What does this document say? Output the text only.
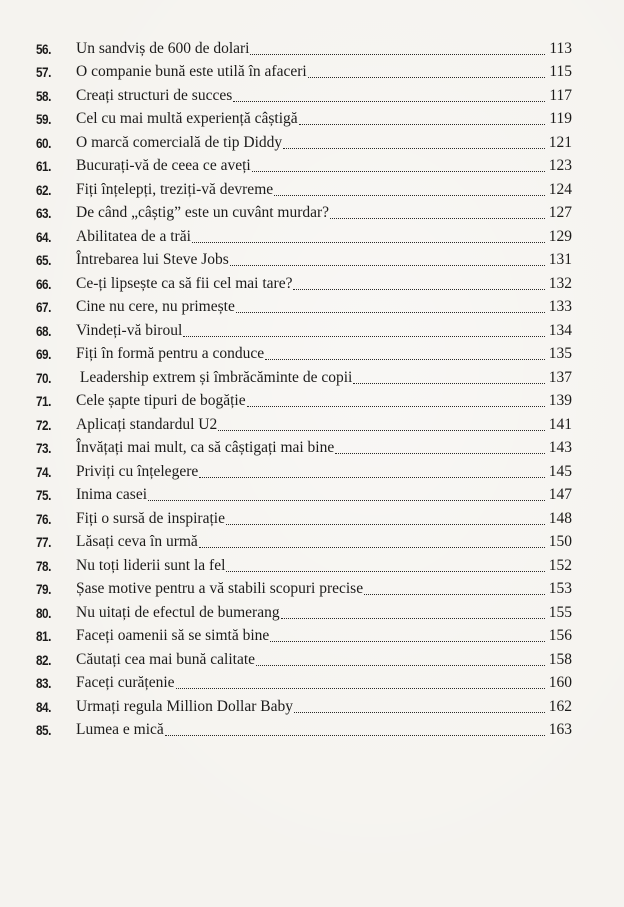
56.	Un sandviș de 600 de dolari	113
57.	O companie bună este utilă în afaceri	115
58.	Creați structuri de succes	117
59.	Cel cu mai multă experiență câștigă	119
60.	O marcă comercială de tip Diddy	121
61.	Bucurați-vă de ceea ce aveți	123
62.	Fiți înțelepți, treziți-vă devreme	124
63.	De când „câștig” este un cuvânt murdar?	127
64.	Abilitatea de a trăi	129
65.	Întrebarea lui Steve Jobs	131
66.	Ce-ți lipsește ca să fii cel mai tare?	132
67.	Cine nu cere, nu primește	133
68.	Vindeți-vă biroul	134
69.	Fiți în formă pentru a conduce	135
70.	Leadership extrem și îmbrăcăminte de copii	137
71.	Cele șapte tipuri de bogăție	139
72.	Aplicați standardul U2	141
73.	Învățați mai mult, ca să câștigați mai bine	143
74.	Priviți cu înțelegere	145
75.	Inima casei	147
76.	Fiți o sursă de inspirație	148
77.	Lăsați ceva în urmă	150
78.	Nu toți liderii sunt la fel	152
79.	Șase motive pentru a vă stabili scopuri precise	153
80.	Nu uitați de efectul de bumerang	155
81.	Faceți oamenii să se simtă bine	156
82.	Căutați cea mai bună calitate	158
83.	Faceți curățenie	160
84.	Urmați regula Million Dollar Baby	162
85.	Lumea e mică	163
